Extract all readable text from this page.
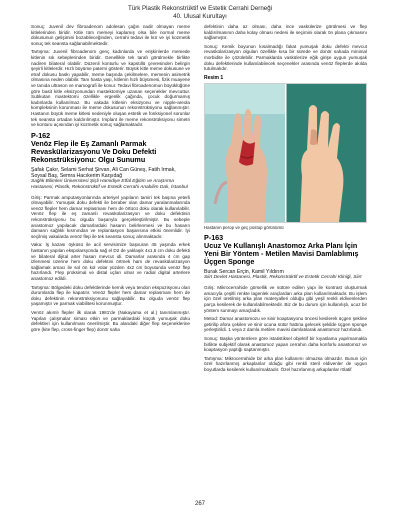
Türk Plastik Rekonstrüktif ve Estetik Cerrahi Derneği
40. Ulusal Kurultayı

Sonuç: Juvenil dev fibroadenom adolesan çağın nadir olmayan meme kitlelerinden biridir. Kitle tüm memeyi kaplamış olsa bile normal meme dokusunun gelişimini bozabileceğinden, cerrahi tedavi ile kür ve iyi kozmetik sonuç tek seansta sağlanabilmektedir.

Tartışma: Juvenil fibroadenom genç kadınlarda ve erişkinlerde memede kitlenin sık sebeplerinden biridir. Genellikle tek tarafı görülmekle birlikte nadiren bilateral olabilir. Düzenli konturlu ve kapsüllü çevresinden belirgin şeyirli kitlelerdir. Hızlı büyüme paterni gösterir. Büyük kitle meme dokusune ve etraf dokusu baskı yapabilir, meme başında çekilmelere, memenin asimetrik olmasına neden olabilir. Tanı hasta yaşı, kitlenin hızlı büyümesi, fizik muayene ve tanıda ultrason ve mamografi ile konur. Tedavi fibroadenomun büyüklüğüne göre basit kitle eksizyonundan mastektomiye uzanan seçenekler mevcuttur. Subkutan mastektomi özellikle ergenlik çağında, çocuk doğurmamış kadınlarda kullanılmaz. Bu vakada kitlenin eksizyonu ve nipple-areola kompleksinin korunması ile meme dokusunun rekonstrüksiyonu sağlanmıştır. Hastanın büyük meme kitlesi nedeniyle oluşan estetik ve fonksiyonel sorunlar tek seansta ortadan kaldırılmıştır. İmplant ile meme rekonstrüksiyonu simetri ve konturu açısından iyi kozmetik sonuç sağlamaktadır.

P-162
Venöz Flep ile Eş Zamanlı Parmak Revaskülarizasyonu Ve Doku Defekti Rekonstrüksiyonu: Olgu Sunumu

Şafak Çakır, Selami Serhat Şirvan, Ali Can Güneş, Fatih Irmak, Soysal Baş, Semra Hacıkerim Karşıdağ

Sağlık Bilimleri Üniversitesi Şişli Hamidiye Etfal Eğitim ve Araştırma Hastanesi, Plastik, Rekonstrüktif ve Estetik Cerrahi Anabilim Dalı, İstanbul

Giriş: Parmak amputasyonlarında arteriyel yapıların tamiri tek başına yeterli olmayabilir. Yumuşak doku defekti ile beraber olan damar yaralanmalarında venöz flepler hem damar replasmanı hem de örtücü doku olarak kullanılabilir. Venöz flep ile eş zamanlı revaskülarizasyon ve doku defektinin rekonstrüksiyonu bu olguda başarıyla gerçekleştirilmiştir. Bu sebeple anastomoz yapılacak damarlardaki hasarın belirlenmesi ve bu hasarın damarın sağlıklı kısmından ve replantasyon başarısına etkisi önemlidir. İyi seçilmiş vakalarda venöz flep ile tek seansta sonuç alınmaktadır.

Vaka: İş kazası öyküsü ile acil servisimize başvuran 45 yaşında erkek hastanın yapılan ekspolarsyonda sağ el D2 de yaklaşık 4x1,5 cm doku defekti ve bilateral dijital arter hasarı mevcut idi. Damarlar arasında 4 cm gap izlenmesi üzerine hem doku defektini örtmek ham de revaskülarizasyon sağlamak amacı ile sol ön kol volar yüzden 4x2 cm boyutunda venöz flep hazırlandı. Flep proksimal ve distal uçları ulnar ve radial digital arterlere anastomoz edildi.

Tartışma: Bölgedeki doku defektlerinde kemik veya tendon ekspozisyonu olan durumlarda flep ile kapatılır. Venöz flepler hem damar replasmanı hem de doku defektinin rekonstrüksiyonunu sağlayabilir. Bu olguda venöz flep yaşamıştır ve parmak viabilitesi korunmuştur.

Venöz akımlı flepler ilk olarak 1981'de (Nakayama et al.) tanımlanmıştır. Yapılan çalışmalar siması etkin ve parmaklardaki küçük yumuşak doku defektleri için kullanılması önerilmiştir. Bu alandaki diğer flep seçeneklerine göre (kite flep, cross-finger flep) donör saha

defektinin daha az olması, daha ince vaskülerize görülmesi ve flep kaldırılmasının daha kolay olması nedeni ile seçimini olarak ön plana çıkmasını sağlamıştır.

Sonuç: Kemik boyunun kısalmadığı fakat yumuşak doku defekti mevcut revaskülarizasyon olguları özellikle kısa bir sürede ve donör sahada minimal morbidite ile çözülebilir. Parmaklarda vaskülerize eğik girişe uygun yumuşak doku defektlerinde kullanılabilecek seçenekler arasında venöz fleplerde akılda tutulmalıdır.

Resim 1
Hastanın perop ve geç postop görünümü
P-163
Ucuz Ve Kullanışlı Anastomoz Arka Planı İçin Yeni Bir Yöntem - Metilen Mavisi Damlablımış Üçgen Sponge

Burak Sercan Erçin, Kamil Yıldırım

Siirt Devlet Hastanesi, Plastik, Rekonstrüktif ve Estetik Cerrahi Kliniği, Siirt

Giriş: Mikrocerrahide görsellik ve sütüre edilen yapı ile kontrast oluşturmak amacıyla çeşitli renkte lagenlek araçlardan arka plan kullanılmaktadır. Bu işlem için özel üretilmiş arka plan materyalleri olduğu gibi yeşil renkli eldivenlerden parça kesilerek de kullanılabilmektedir. Biz de bu durum için kullanılışlı, ucuz bir yöntem sunmayı amaçladık.

Metod: Damar anastomozu ve sinir koaptasyonu öncesi kesilerek üçgen şekline getirilip afora çekilen ve sinir ucuna sütür hattına gelecek şekilde üçgen sponge yerleştirildi. 1 veya 2 damla metilen mavisi damlatılarak anastomoz hazırlandı.

Sonuç: Başka yöntemlere göre istatistiksel objektif bir kıyaslama yapılmamakla birlikte subjektif olarak anastomoz yapan cerrahın daha konforlu anastomoz ve koaptasyon yaptığı saptanmıştır.

Tartışma: Mikrocerrahide bir arka plan kullanımı olmazsa olmazdır. Bunun için özel hazırlanmış arkaplanlar olduğu gibi renkli steril eldivenler de uygun boyutlarda kesilerek kullanılmaktadır. Özel hazırlanmış arkaplanlar rölatif

267
